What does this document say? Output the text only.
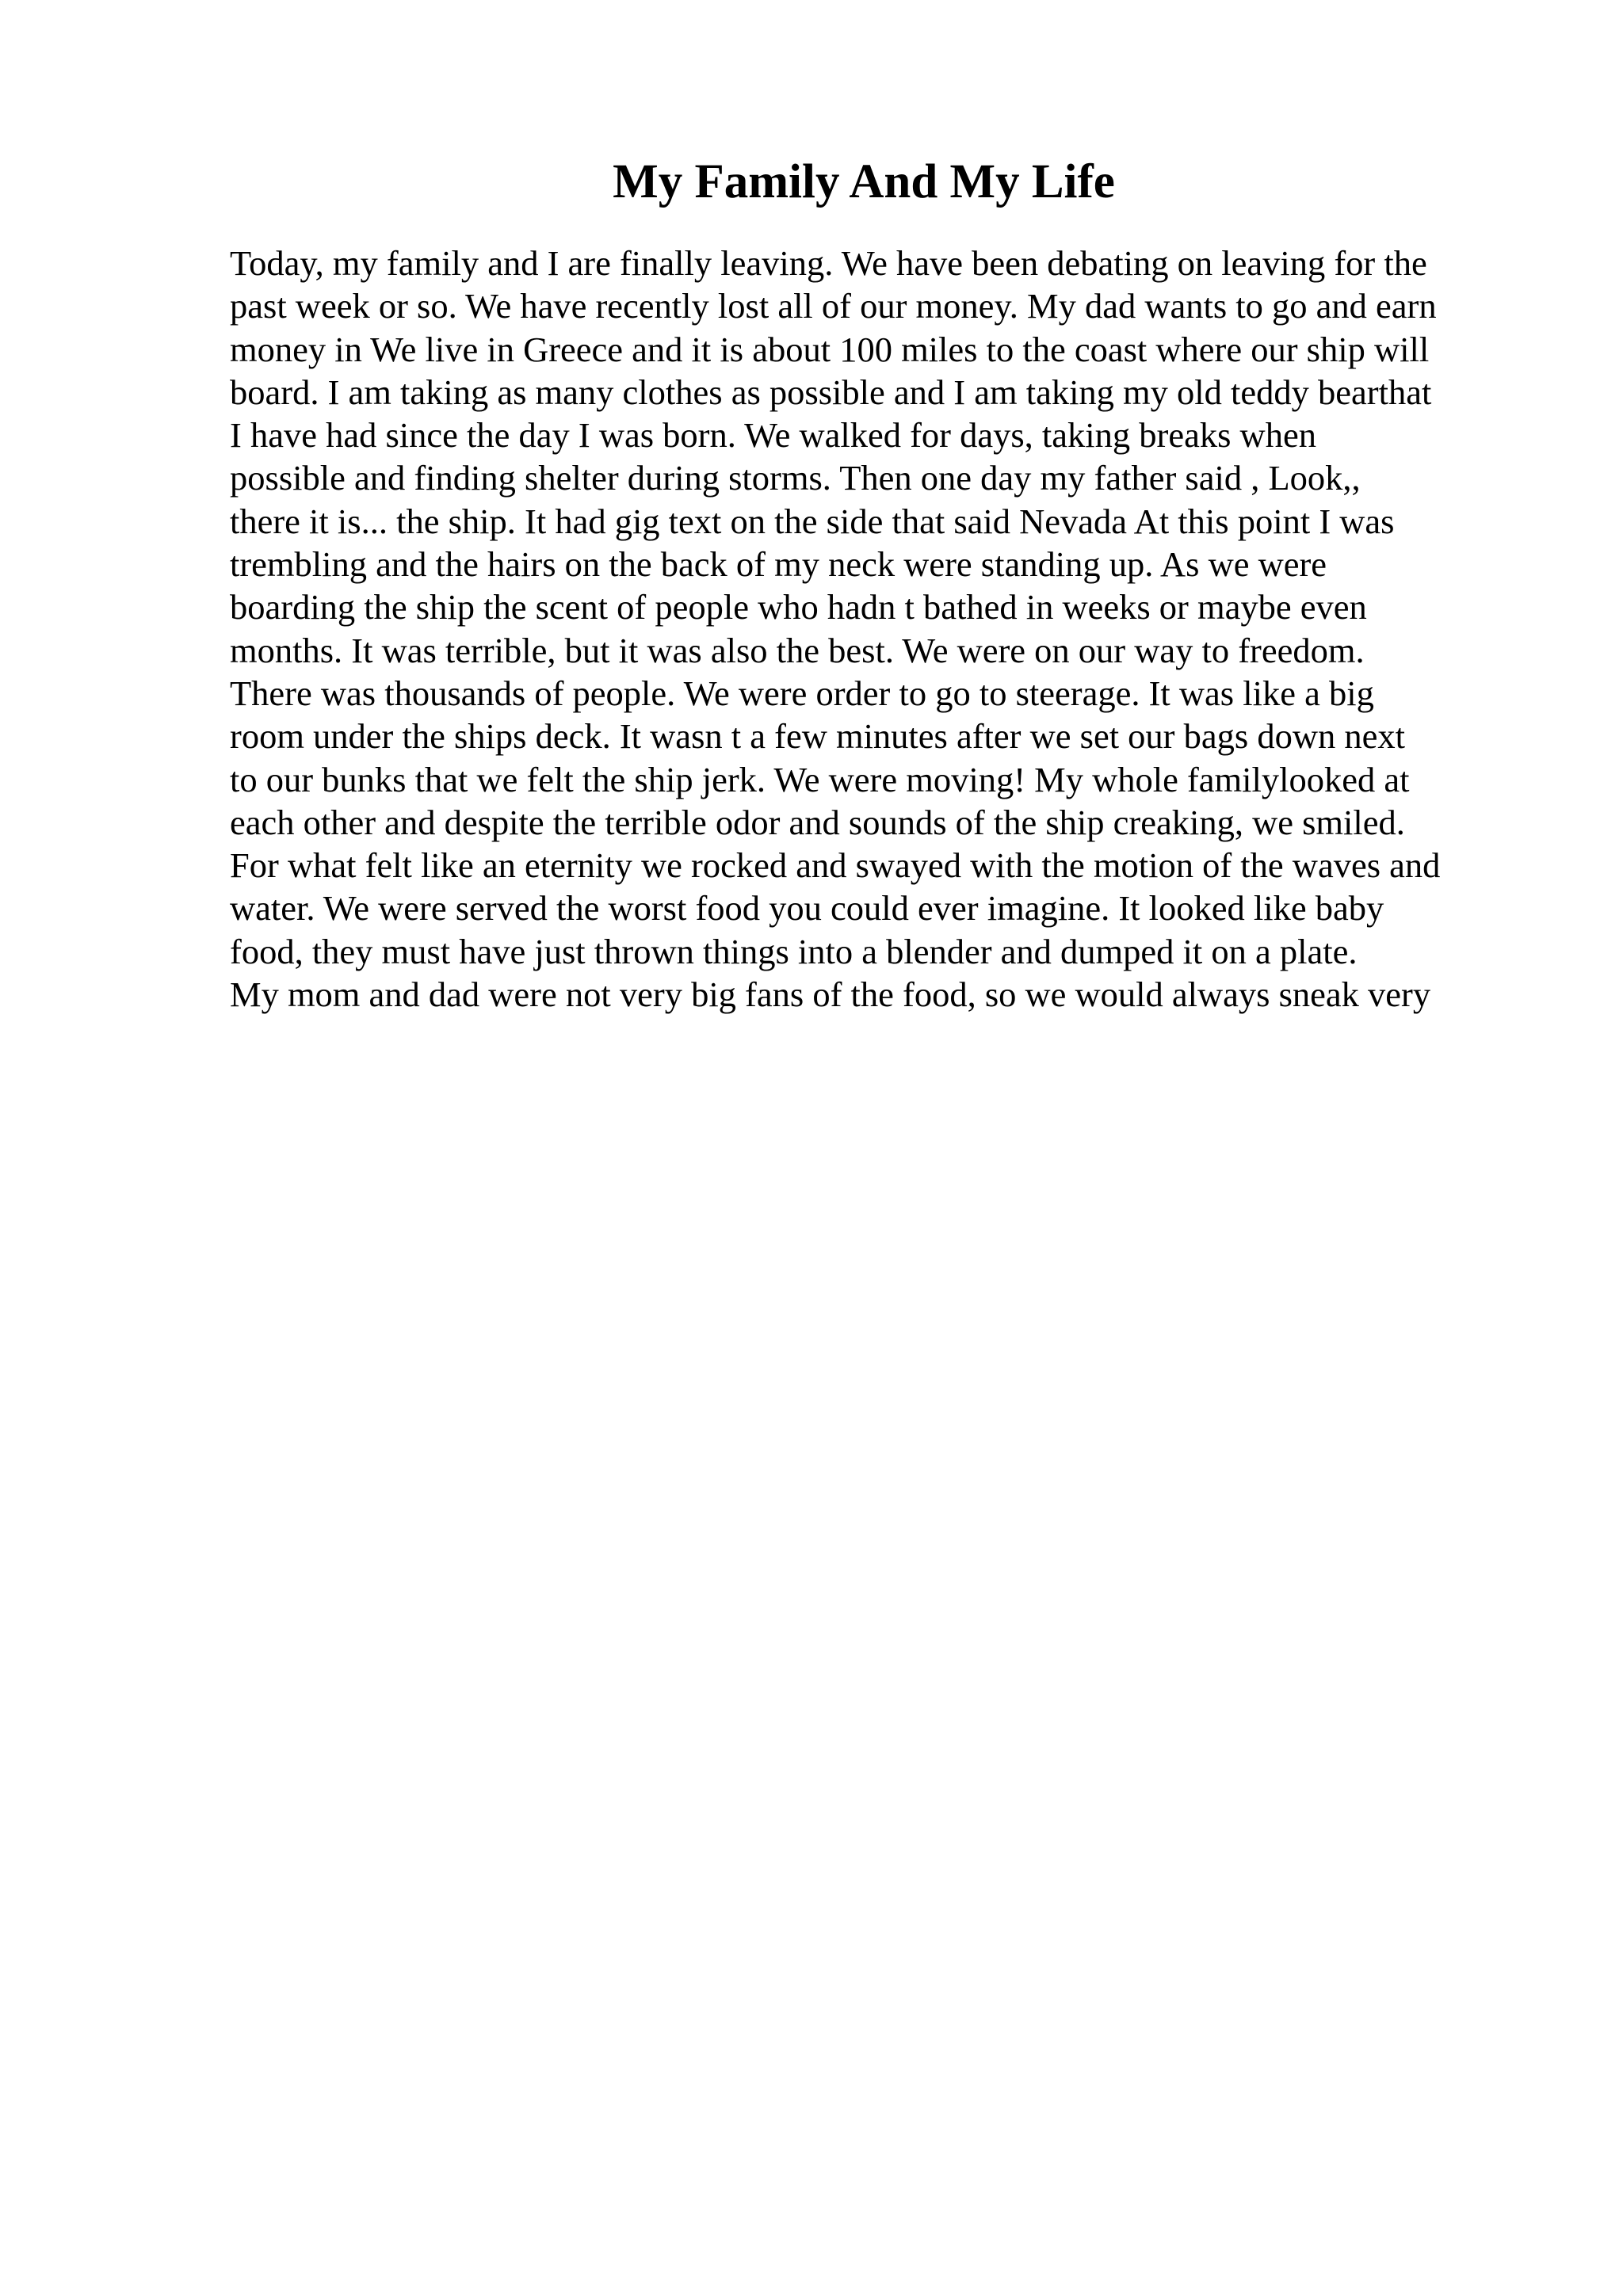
My Family And My Life
Today, my family and I are finally leaving. We have been debating on leaving for the
past week or so. We have recently lost all of our money. My dad wants to go and earn
money in We live in Greece and it is about 100 miles to the coast where our ship will
board. I am taking as many clothes as possible and I am taking my old teddy bearthat
I have had since the day I was born. We walked for days, taking breaks when
possible and finding shelter during storms. Then one day my father said , Look,,
there it is... the ship. It had gig text on the side that said Nevada At this point I was
trembling and the hairs on the back of my neck were standing up. As we were
boarding the ship the scent of people who hadn t bathed in weeks or maybe even
months. It was terrible, but it was also the best. We were on our way to freedom.
There was thousands of people. We were order to go to steerage. It was like a big
room under the ships deck. It wasn t a few minutes after we set our bags down next
to our bunks that we felt the ship jerk. We were moving! My whole familylooked at
each other and despite the terrible odor and sounds of the ship creaking, we smiled.
For what felt like an eternity we rocked and swayed with the motion of the waves and
water. We were served the worst food you could ever imagine. It looked like baby
food, they must have just thrown things into a blender and dumped it on a plate.
My mom and dad were not very big fans of the food, so we would always sneak very
